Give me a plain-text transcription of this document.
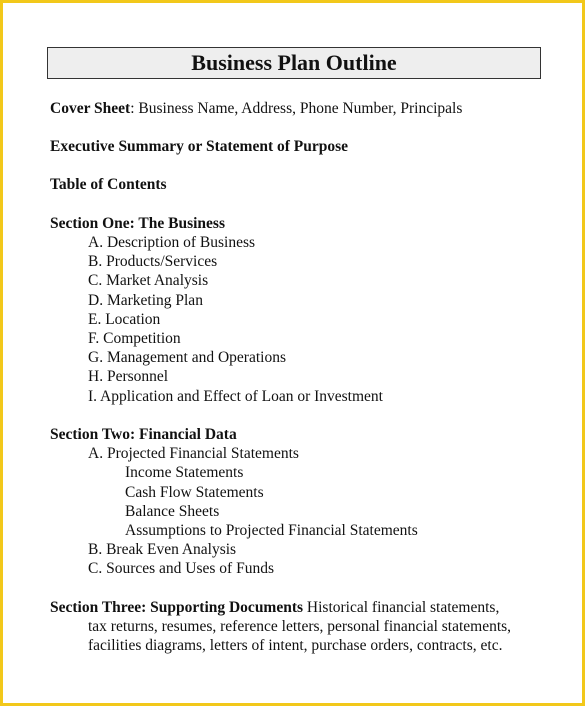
Business Plan Outline
Cover Sheet: Business Name, Address, Phone Number, Principals
Executive Summary or Statement of Purpose
Table of Contents
Section One: The Business
A. Description of Business
B. Products/Services
C. Market Analysis
D. Marketing Plan
E. Location
F. Competition
G. Management and Operations
H. Personnel
I. Application and Effect of Loan or Investment
Section Two: Financial Data
A. Projected Financial Statements
Income Statements
Cash Flow Statements
Balance Sheets
Assumptions to Projected Financial Statements
B. Break Even Analysis
C. Sources and Uses of Funds
Section Three: Supporting Documents Historical financial statements,
tax returns, resumes, reference letters, personal financial statements,
facilities diagrams, letters of intent, purchase orders, contracts, etc.
